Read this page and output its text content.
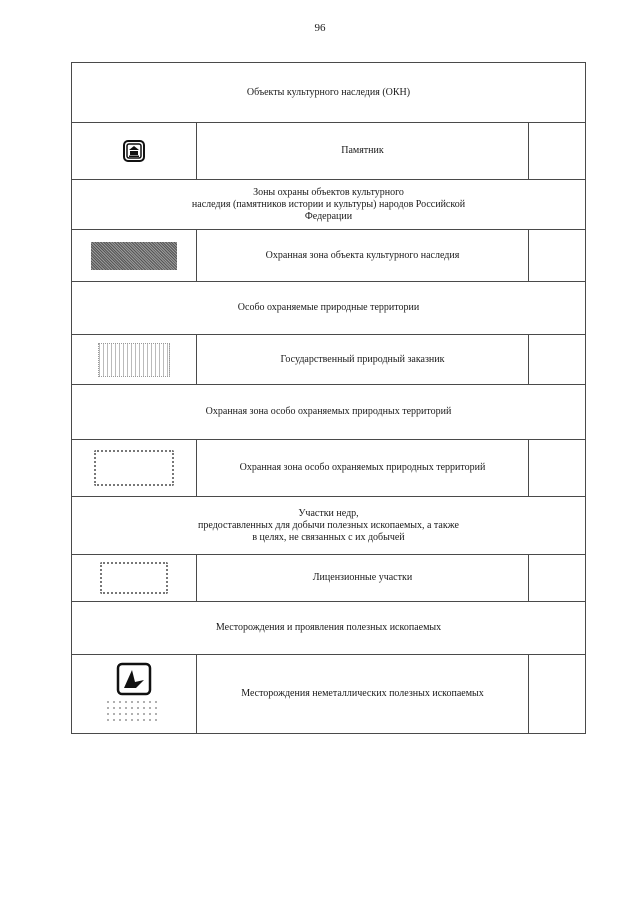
96
Объекты культурного наследия (ОКН)		

	Памятник	
Зоны охраны объектов культурного
наследия (памятников истории и культуры) народов Российской
Федерации		

	Охранная зона объекта культурного наследия	
Особо охраняемые природные территории		

	Государственный природный заказник	
Охранная зона особо охраняемых природных территорий		

	Охранная зона особо охраняемых природных территорий	
Участки недр,
предоставленных для добычи полезных ископаемых, а также
в целях, не связанных с их добычей		

	Лицензионные участки	
Месторождения и проявления полезных ископаемых		

	Месторождения неметаллических полезных ископаемых	
